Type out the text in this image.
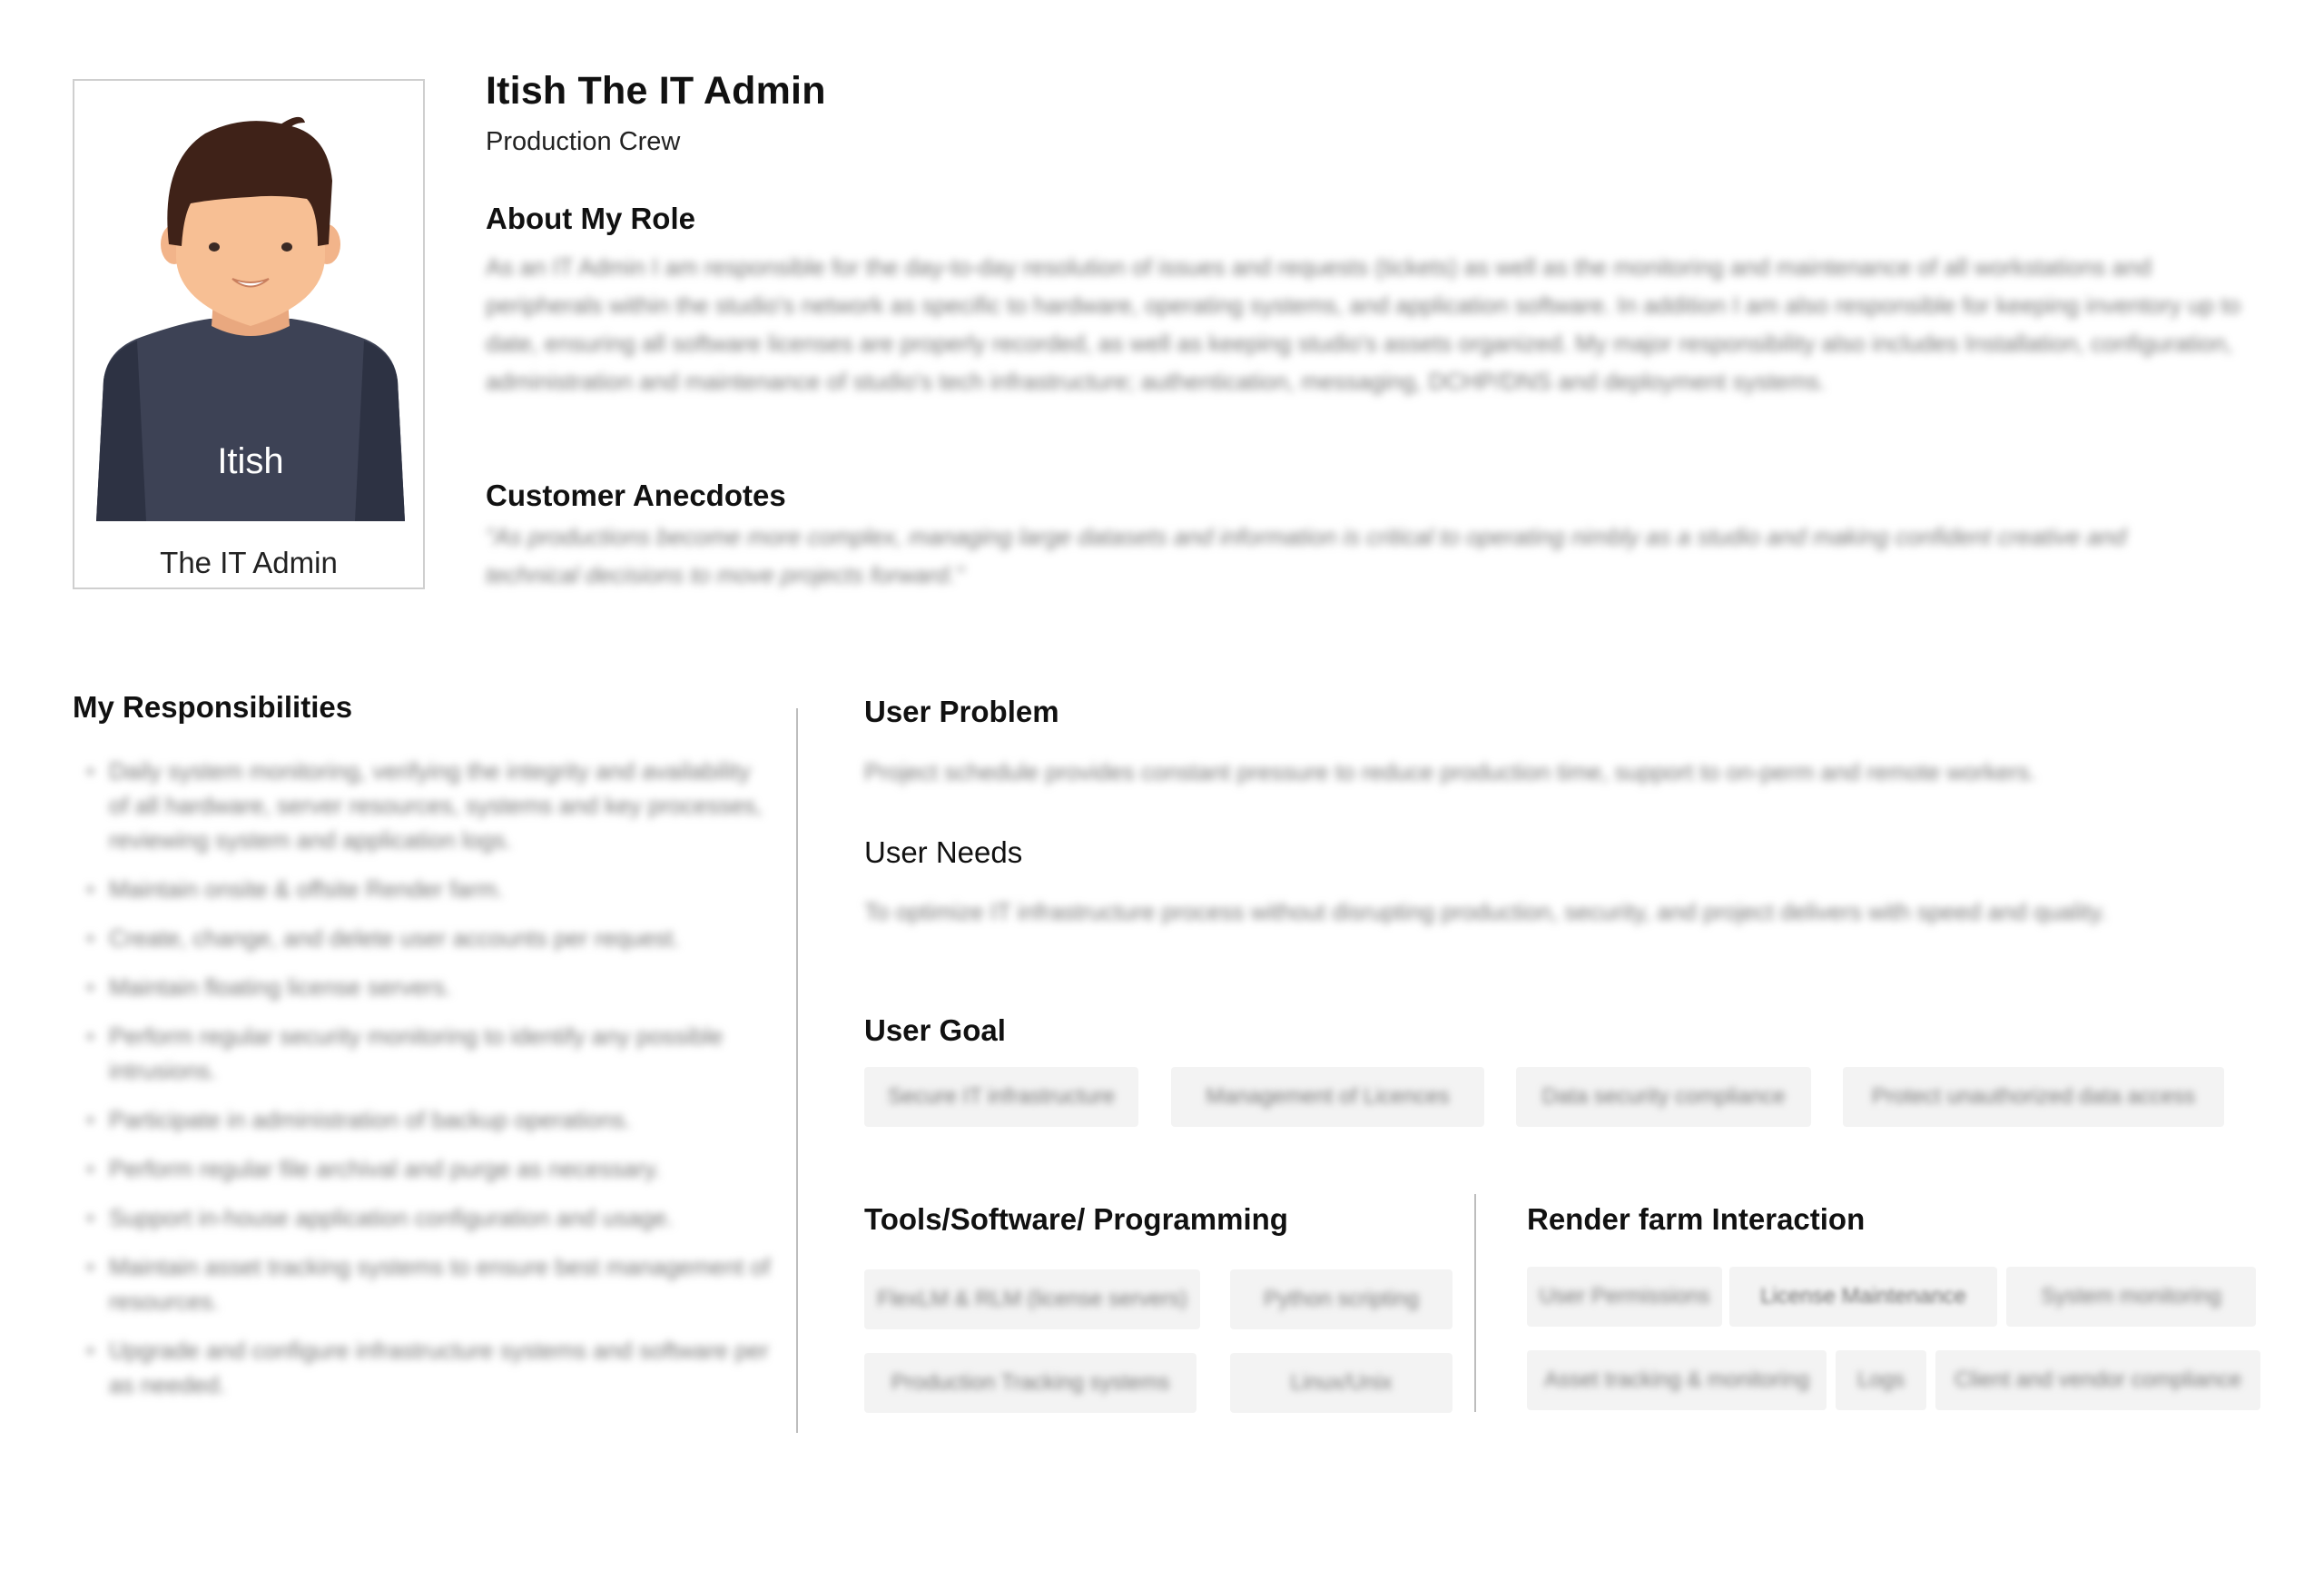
Itish
The IT Admin
Itish The IT Admin
Production Crew
About My Role
As an IT Admin I am responsible for the day-to-day resolution of issues and requests (tickets) as well as the monitoring and maintenance of all workstations and peripherals within the studio's network as specific to hardware, operating systems, and application software. In addition I am also responsible for keeping inventory up to date, ensuring all software licenses are properly recorded, as well as keeping studio's assets organized. My major responsibility also includes Installation, configuration, administration and maintenance of studio's tech infrastructure; authentication, messaging, DCHP/DNS and deployment systems.
Customer Anecdotes
"As productions become more complex, managing large datasets and information is critical to operating nimbly as a studio and making confident creative and technical decisions to move projects forward."
My Responsibilities
• Daily system monitoring, verifying the integrity and availability of all hardware, server resources, systems and key processes, reviewing system and application logs.
• Maintain onsite & offsite Render farm.
• Create, change, and delete user accounts per request.
• Maintain floating license servers.
• Perform regular security monitoring to identify any possible intrusions.
• Participate in administration of backup operations.
• Perform regular file archival and purge as necessary.
• Support in-house application configuration and usage.
• Maintain asset tracking systems to ensure best management of resources.
• Upgrade and configure infrastructure systems and software per as needed.
User Problem
Project schedule provides constant pressure to reduce production time, support to on-perm and remote workers.
User Needs
To optimize IT infrastructure process without disrupting production, security, and project delivers with speed and quality.
User Goal
Secure IT infrastructure	Management of Licences	Data security compliance	Protect unauthorized data access
Tools/Software/ Programming
FlexLM & RLM (license servers)	Python scripting
Production Tracking systems	Linux/Unix
Render farm Interaction
User Permissions License Maintenance	System monitoring
Asset tracking & monitoring Logs Client and vendor compliance
